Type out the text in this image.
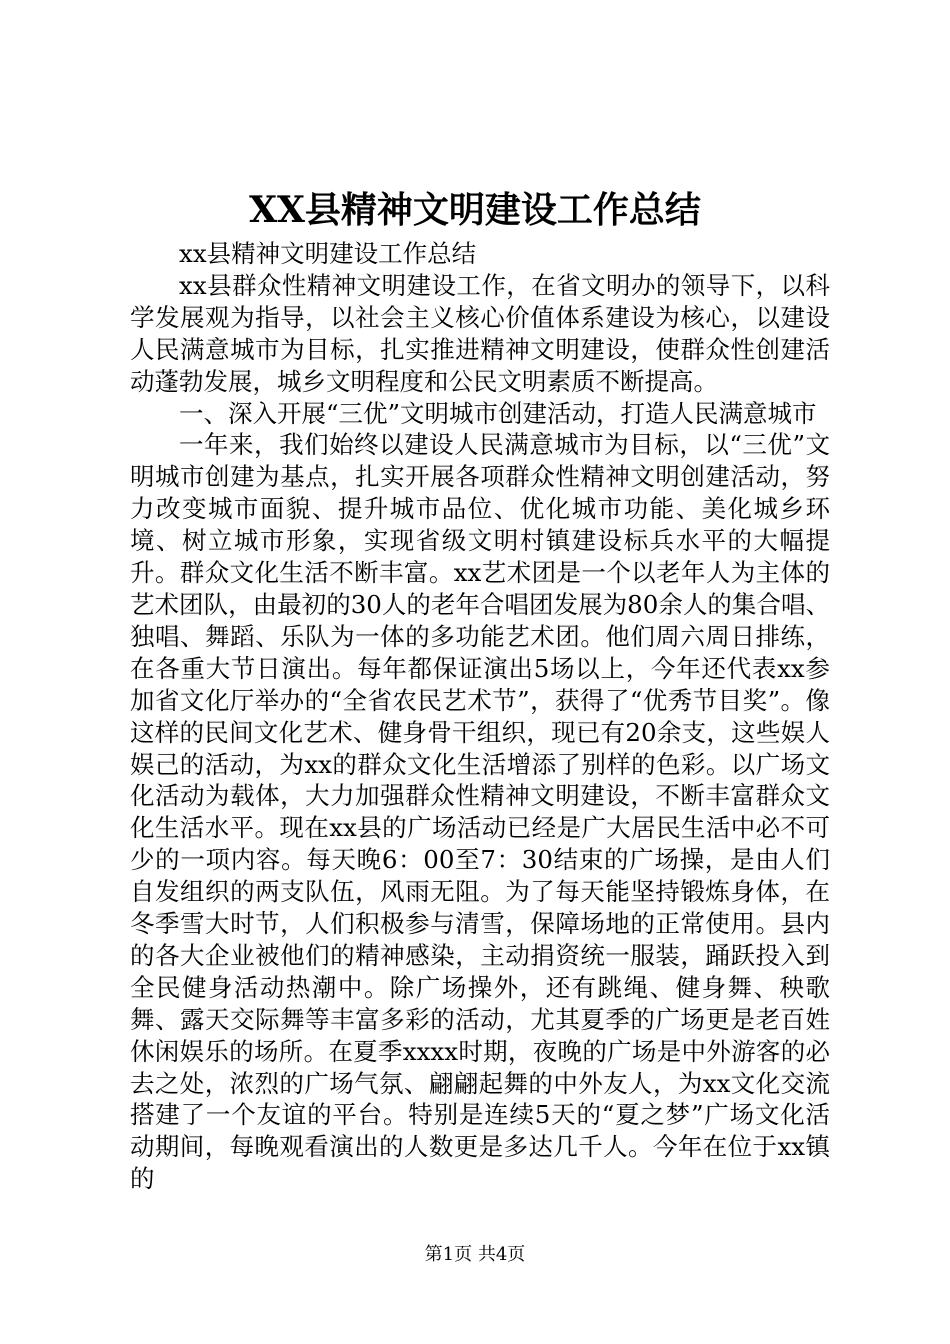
XX县精神文明建设工作总结

xx县精神文明建设工作总结

xx县群众性精神文明建设工作，在省文明办的领导下，以科学发展观为指导，以社会主义核心价值体系建设为核心，以建设人民满意城市为目标，扎实推进精神文明建设，使群众性创建活动蓬勃发展，城乡文明程度和公民文明素质不断提高。

一、深入开展“三优”文明城市创建活动，打造人民满意城市

一年来，我们始终以建设人民满意城市为目标，以“三优”文明城市创建为基点，扎实开展各项群众性精神文明创建活动，努力改变城市面貌、提升城市品位、优化城市功能、美化城乡环境、树立城市形象，实现省级文明村镇建设标兵水平的大幅提升。群众文化生活不断丰富。xx艺术团是一个以老年人为主体的艺术团队，由最初的30人的老年合唱团发展为80余人的集合唱、独唱、舞蹈、乐队为一体的多功能艺术团。他们周六周日排练，在各重大节日演出。每年都保证演出5场以上，今年还代表xx参加省文化厅举办的“全省农民艺术节”，获得了“优秀节目奖”。像这样的民间文化艺术、健身骨干组织，现已有20余支，这些娱人娱己的活动，为xx的群众文化生活增添了别样的色彩。以广场文化活动为载体，大力加强群众性精神文明建设，不断丰富群众文化生活水平。现在xx县的广场活动已经是广大居民生活中必不可少的一项内容。每天晚6：00至7：30结束的广场操，是由人们自发组织的两支队伍，风雨无阻。为了每天能坚持锻炼身体，在冬季雪大时节，人们积极参与清雪，保障场地的正常使用。县内的各大企业被他们的精神感染，主动捐资统一服装，踊跃投入到全民健身活动热潮中。除广场操外，还有跳绳、健身舞、秧歌舞、露天交际舞等丰富多彩的活动，尤其夏季的广场更是老百姓休闲娱乐的场所。在夏季xxxx时期，夜晚的广场是中外游客的必去之处，浓烈的广场气氛、翩翩起舞的中外友人，为xx文化交流搭建了一个友谊的平台。特别是连续5天的“夏之梦”广场文化活动期间，每晚观看演出的人数更是多达几千人。今年在位于xx镇的

第1页 共4页
